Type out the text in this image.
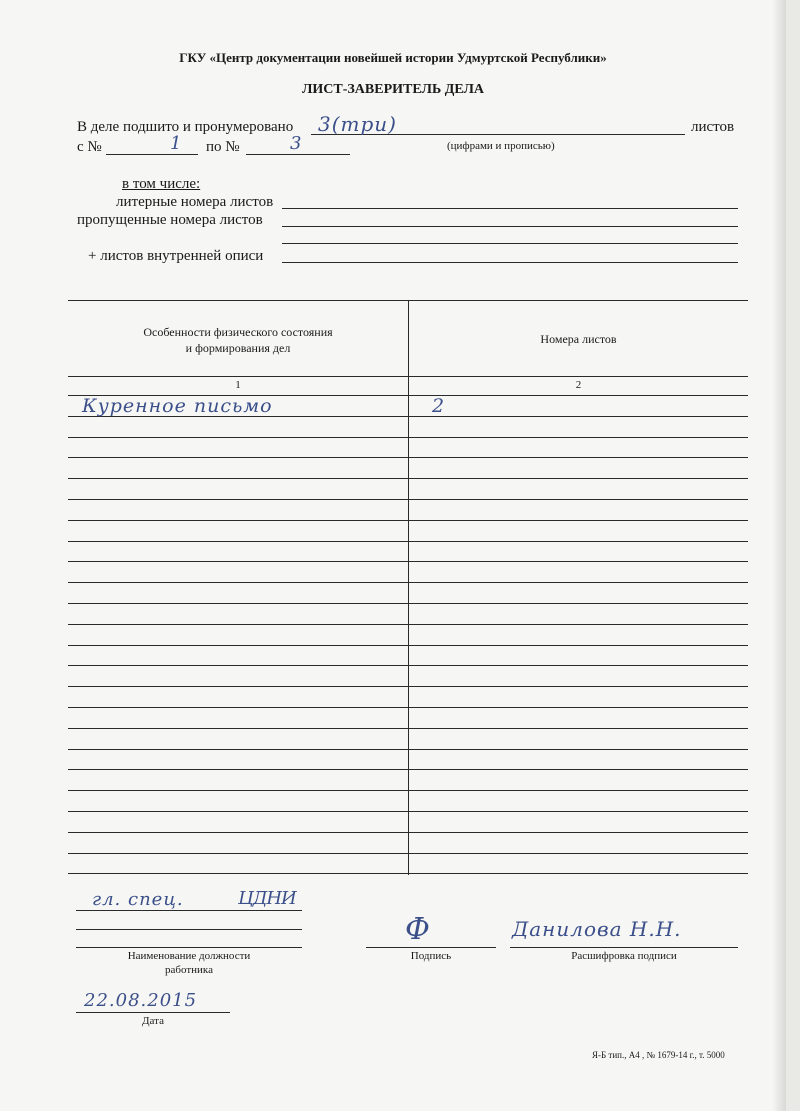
ГКУ «Центр документации новейшей истории Удмуртской Республики»
ЛИСТ-ЗАВЕРИТЕЛЬ ДЕЛА
В деле подшито и пронумеровано 3(три)	листов
с №	1 по №	3	(цифрами и прописью)
в том числе:
литерные номера листов
пропущенные номера листов
+ листов внутренней описи
Особенности физического состояния
и формирования дел
Номера листов
1	2
Куренное письмо	2
гл. спец.	ЦДНИ
Наименование должности
работника
Ф
Подпись
Данилова Н.Н.
Расшифровка подписи
22.08.2015
Дата
Я-Б тип., А4 , № 1679-14 г., т. 5000
